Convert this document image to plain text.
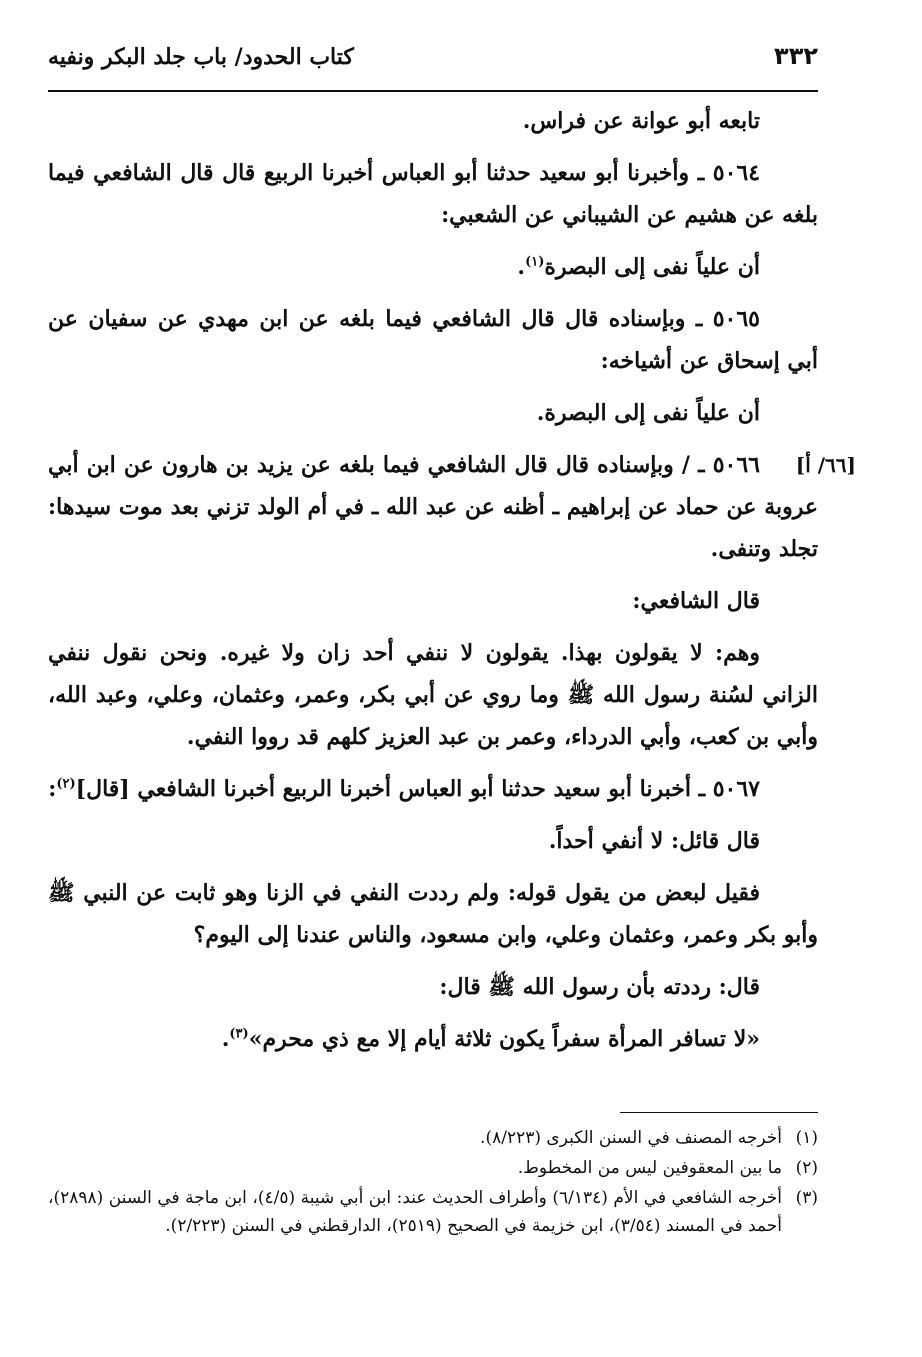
٣٣٢
كتاب الحدود/ باب جلد البكر ونفيه

تابعه أبو عوانة عن فراس.

٥٠٦٤ ـ وأخبرنا أبو سعيد حدثنا أبو العباس أخبرنا الربيع قال قال الشافعي فيما بلغه عن هشيم عن الشيباني عن الشعبي:

أن علياً نفى إلى البصرة$^{(١)}$.

٥٠٦٥ ـ وبإسناده قال قال الشافعي فيما بلغه عن ابن مهدي عن سفيان عن أبي إسحاق عن أشياخه:

أن علياً نفى إلى البصرة.

[٦٦/ أ]
٥٠٦٦ ـ / وبإسناده قال قال الشافعي فيما بلغه عن يزيد بن هارون عن ابن أبي عروبة عن حماد عن إبراهيم ـ أظنه عن عبد الله ـ في أم الولد تزني بعد موت سيدها: تجلد وتنفى.

قال الشافعي:

وهم: لا يقولون بهذا. يقولون لا ننفي أحد زان ولا غيره. ونحن نقول ننفي الزاني لسُنة رسول الله ﷺ وما روي عن أبي بكر، وعمر، وعثمان، وعلي، وعبد الله، وأبي بن كعب، وأبي الدرداء، وعمر بن عبد العزيز كلهم قد رووا النفي.

٥٠٦٧ ـ أخبرنا أبو سعيد حدثنا أبو العباس أخبرنا الربيع أخبرنا الشافعي [قال]$^{(٢)}$:

قال قائل: لا أنفي أحداً.

فقيل لبعض من يقول قوله: ولم رددت النفي في الزنا وهو ثابت عن النبي ﷺ وأبو بكر وعمر، وعثمان وعلي، وابن مسعود، والناس عندنا إلى اليوم؟

قال: رددته بأن رسول الله ﷺ قال:

«لا تسافر المرأة سفراً يكون ثلاثة أيام إلا مع ذي محرم»$^{(٣)}$.

(١)
أخرجه المصنف في السنن الكبرى (٨/٢٢٣).

(٢)
ما بين المعقوفين ليس من المخطوط.

(٣)
أخرجه الشافعي في الأم (٦/١٣٤) وأطراف الحديث عند: ابن أبي شيبة (٤/٥)، ابن ماجة في السنن (٢٨٩٨)، أحمد في المسند (٣/٥٤)، ابن خزيمة في الصحيح (٢٥١٩)، الدارقطني في السنن (٢/٢٢٣).
